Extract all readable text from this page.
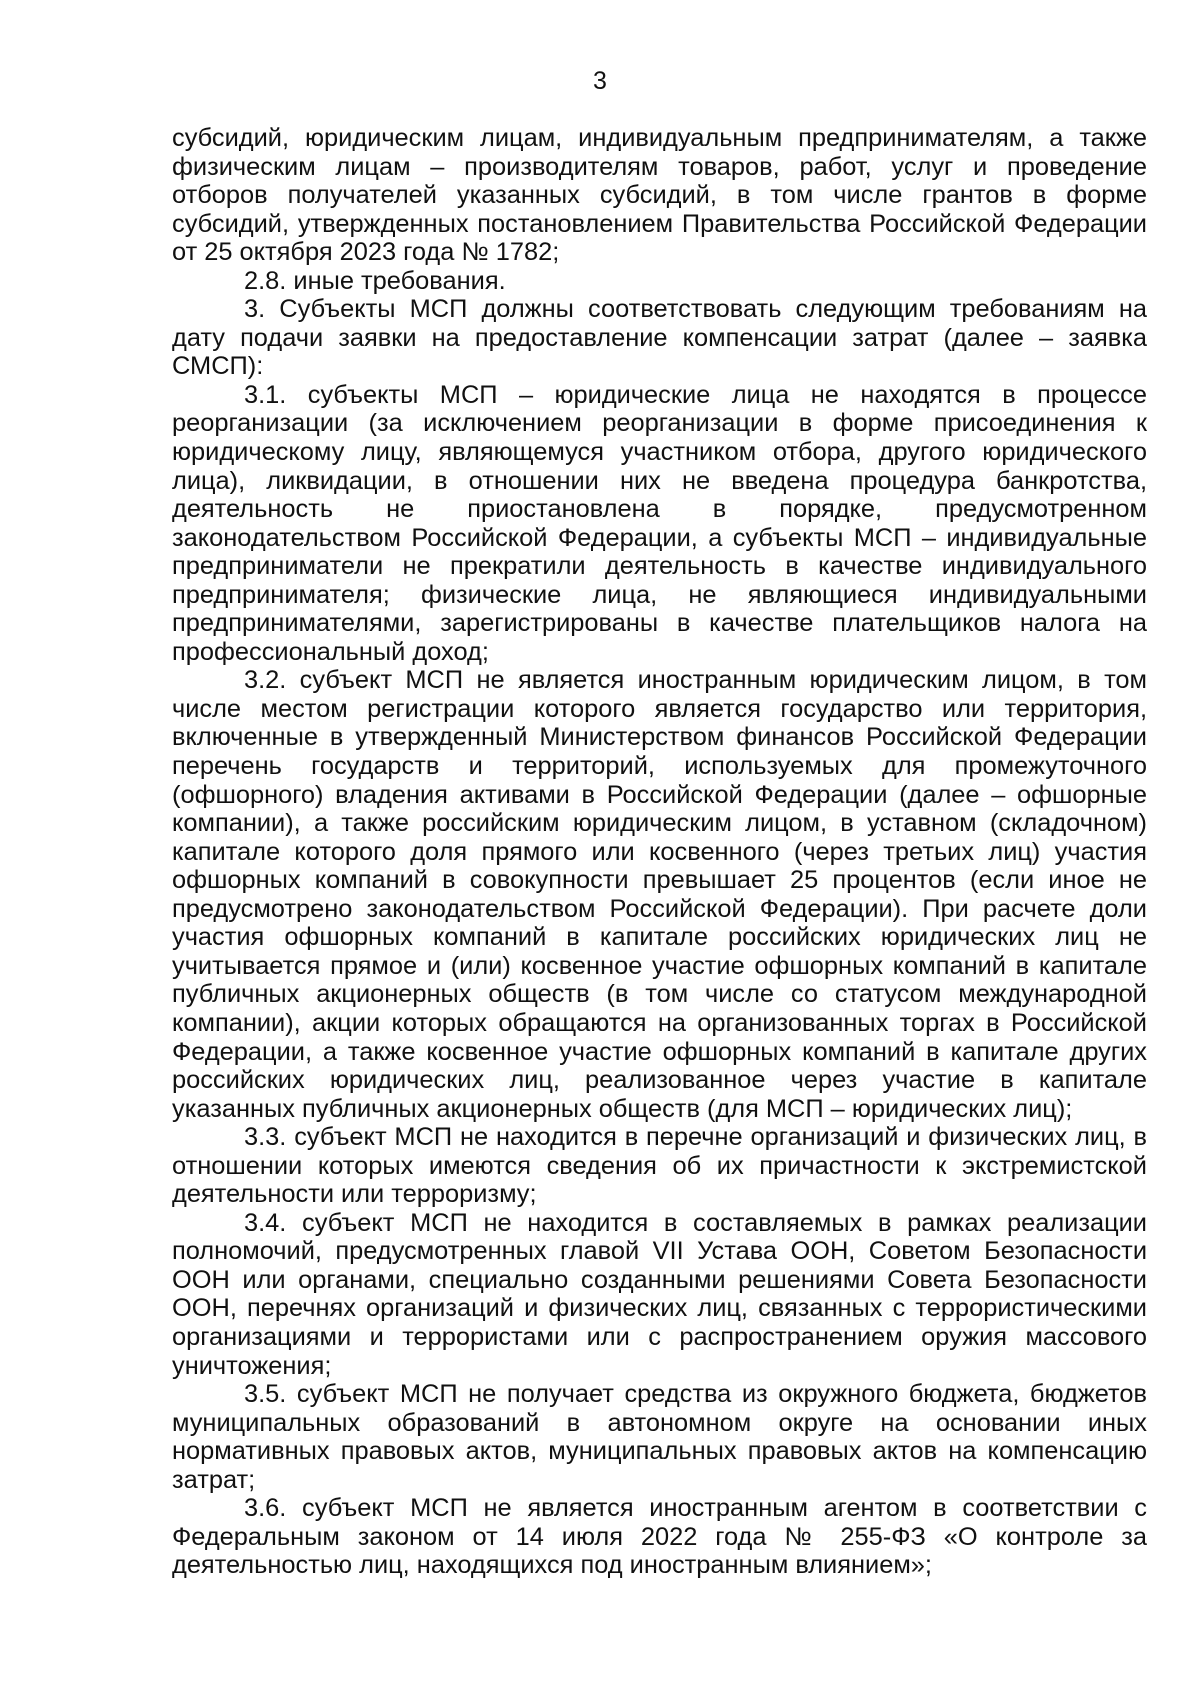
3

субсидий, юридическим лицам, индивидуальным предпринимателям, а также физическим лицам – производителям товаров, работ, услуг и проведение отборов получателей указанных субсидий, в том числе грантов в форме субсидий, утвержденных постановлением Правительства Российской Федерации от 25 октября 2023 года № 1782;

2.8. иные требования.

3. Субъекты МСП должны соответствовать следующим требованиям на дату подачи заявки на предоставление компенсации затрат (далее – заявка СМСП):

3.1. субъекты МСП – юридические лица не находятся в процессе реорганизации (за исключением реорганизации в форме присоединения к юридическому лицу, являющемуся участником отбора, другого юридического лица), ликвидации, в отношении них не введена процедура банкротства, деятельность не приостановлена в порядке, предусмотренном законодательством Российской Федерации, а субъекты МСП – индивидуальные предприниматели не прекратили деятельность в качестве индивидуального предпринимателя; физические лица, не являющиеся индивидуальными предпринимателями, зарегистрированы в качестве плательщиков налога на профессиональный доход;

3.2. субъект МСП не является иностранным юридическим лицом, в том числе местом регистрации которого является государство или территория, включенные в утвержденный Министерством финансов Российской Федерации перечень государств и территорий, используемых для промежуточного (офшорного) владения активами в Российской Федерации (далее – офшорные компании), а также российским юридическим лицом, в уставном (складочном) капитале которого доля прямого или косвенного (через третьих лиц) участия офшорных компаний в совокупности превышает 25 процентов (если иное не предусмотрено законодательством Российской Федерации). При расчете доли участия офшорных компаний в капитале российских юридических лиц не учитывается прямое и (или) косвенное участие офшорных компаний в капитале публичных акционерных обществ (в том числе со статусом международной компании), акции которых обращаются на организованных торгах в Российской Федерации, а также косвенное участие офшорных компаний в капитале других российских юридических лиц, реализованное через участие в капитале указанных публичных акционерных обществ (для МСП – юридических лиц);

3.3. субъект МСП не находится в перечне организаций и физических лиц, в отношении которых имеются сведения об их причастности к экстремистской деятельности или терроризму;

3.4. субъект МСП не находится в составляемых в рамках реализации полномочий, предусмотренных главой VII Устава ООН, Советом Безопасности ООН или органами, специально созданными решениями Совета Безопасности ООН, перечнях организаций и физических лиц, связанных с террористическими организациями и террористами или с распространением оружия массового уничтожения;

3.5. субъект МСП не получает средства из окружного бюджета, бюджетов муниципальных образований в автономном округе на основании иных нормативных правовых актов, муниципальных правовых актов на компенсацию затрат;

3.6. субъект МСП не является иностранным агентом в соответствии с Федеральным законом от 14 июля 2022 года № 255-ФЗ «О контроле за деятельностью лиц, находящихся под иностранным влиянием»;
